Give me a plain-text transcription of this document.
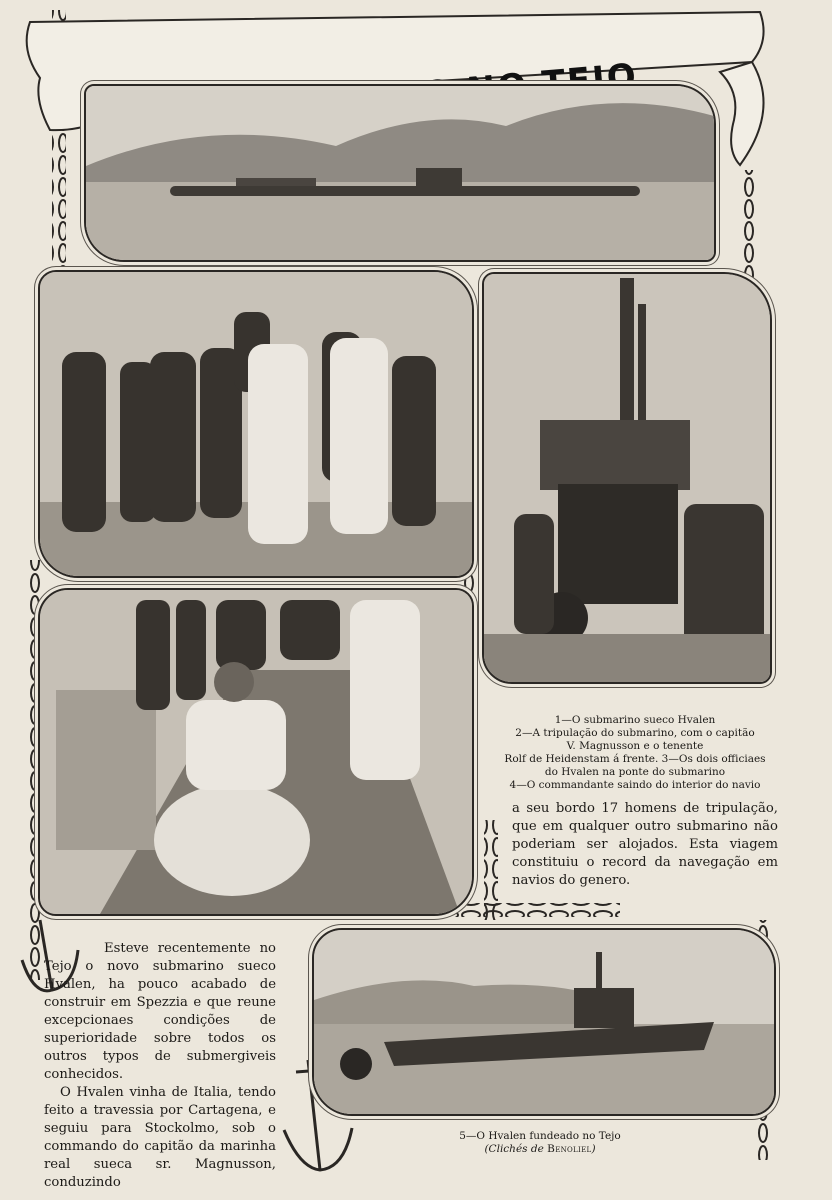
1—O submarino sueco Hvalen
2—A tripulação do submarino, com o capitão
V. Magnusson e o tenente
Rolf de Heidenstam á frente. 3—Os dois officiaes
do Hvalen na ponte do submarino
4—O commandante saindo do interior do navio

a seu bordo 17 homens de tripulação, que em qualquer outro submarino não poderiam ser alojados. Esta viagem constituiu o record da navegação em navios do genero.

Esteve recentemente no Tejo o novo submarino sueco Hvalen, ha pouco acabado de construir em Spezzia e que reune excepcionaes condições de superioridade sobre todos os outros typos de submergiveis conhecidos.

O Hvalen vinha de Italia, tendo feito a travessia por Cartagena, e seguiu para Stockolmo, sob o commando do capitão da marinha real sueca sr. Magnusson, conduzindo

5—O Hvalen fundeado no Tejo
(Clichés de Benoliel)
